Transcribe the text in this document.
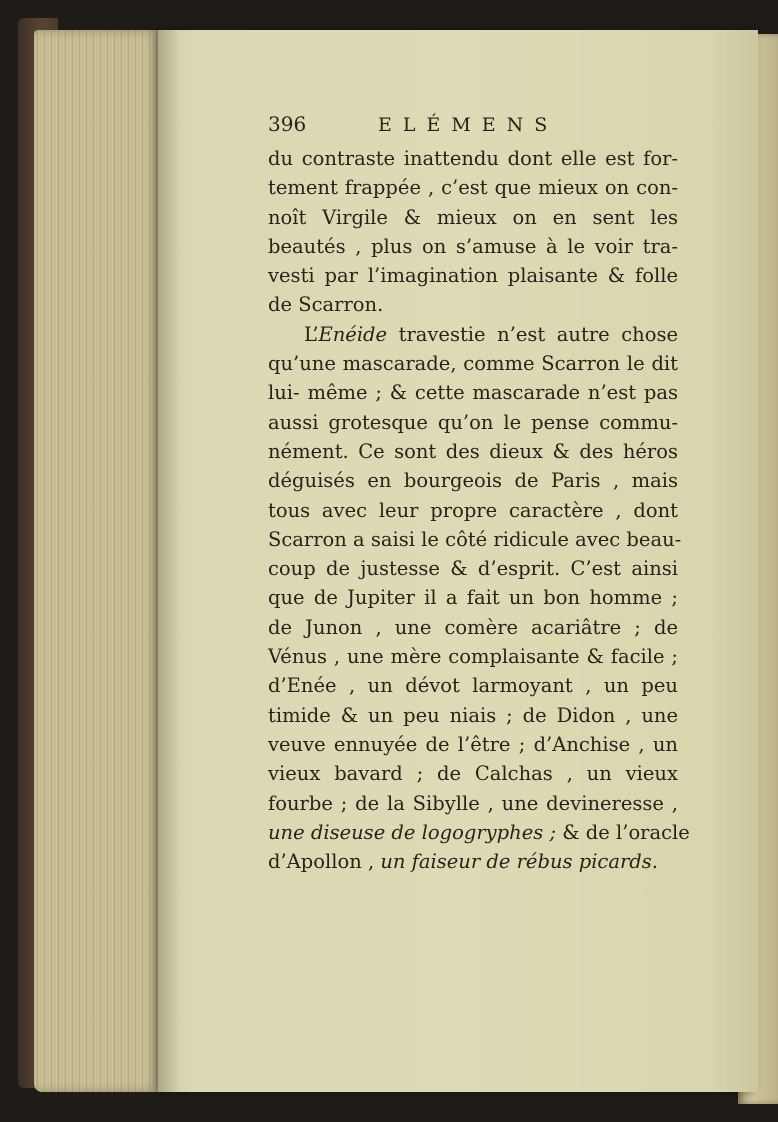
396	ELÉMENS
du contraste inattendu dont elle est for-
tement frappée , c’est que mieux on con-
noît Virgile & mieux on en sent les
beautés , plus on s’amuse à le voir tra-
vesti par l’imagination plaisante & folle
de Scarron.
L’Enéide travestie n’est autre chose
qu’une mascarade, comme Scarron le dit
lui- même ; & cette mascarade n’est pas
aussi grotesque qu’on le pense commu-
nément. Ce sont des dieux & des héros
déguisés en bourgeois de Paris , mais
tous avec leur propre caractère , dont
Scarron a saisi le côté ridicule avec beau-
coup de justesse & d’esprit. C’est ainsi
que de Jupiter il a fait un bon homme ;
de Junon , une comère acariâtre ; de
Vénus , une mère complaisante & facile ;
d’Enée , un dévot larmoyant , un peu
timide & un peu niais ; de Didon , une
veuve ennuyée de l’être ; d’Anchise , un
vieux bavard ; de Calchas , un vieux
fourbe ; de la Sibylle , une devineresse ,
une diseuse de logogryphes ; & de l’oracle
d’Apollon , un faiseur de rébus picards.
